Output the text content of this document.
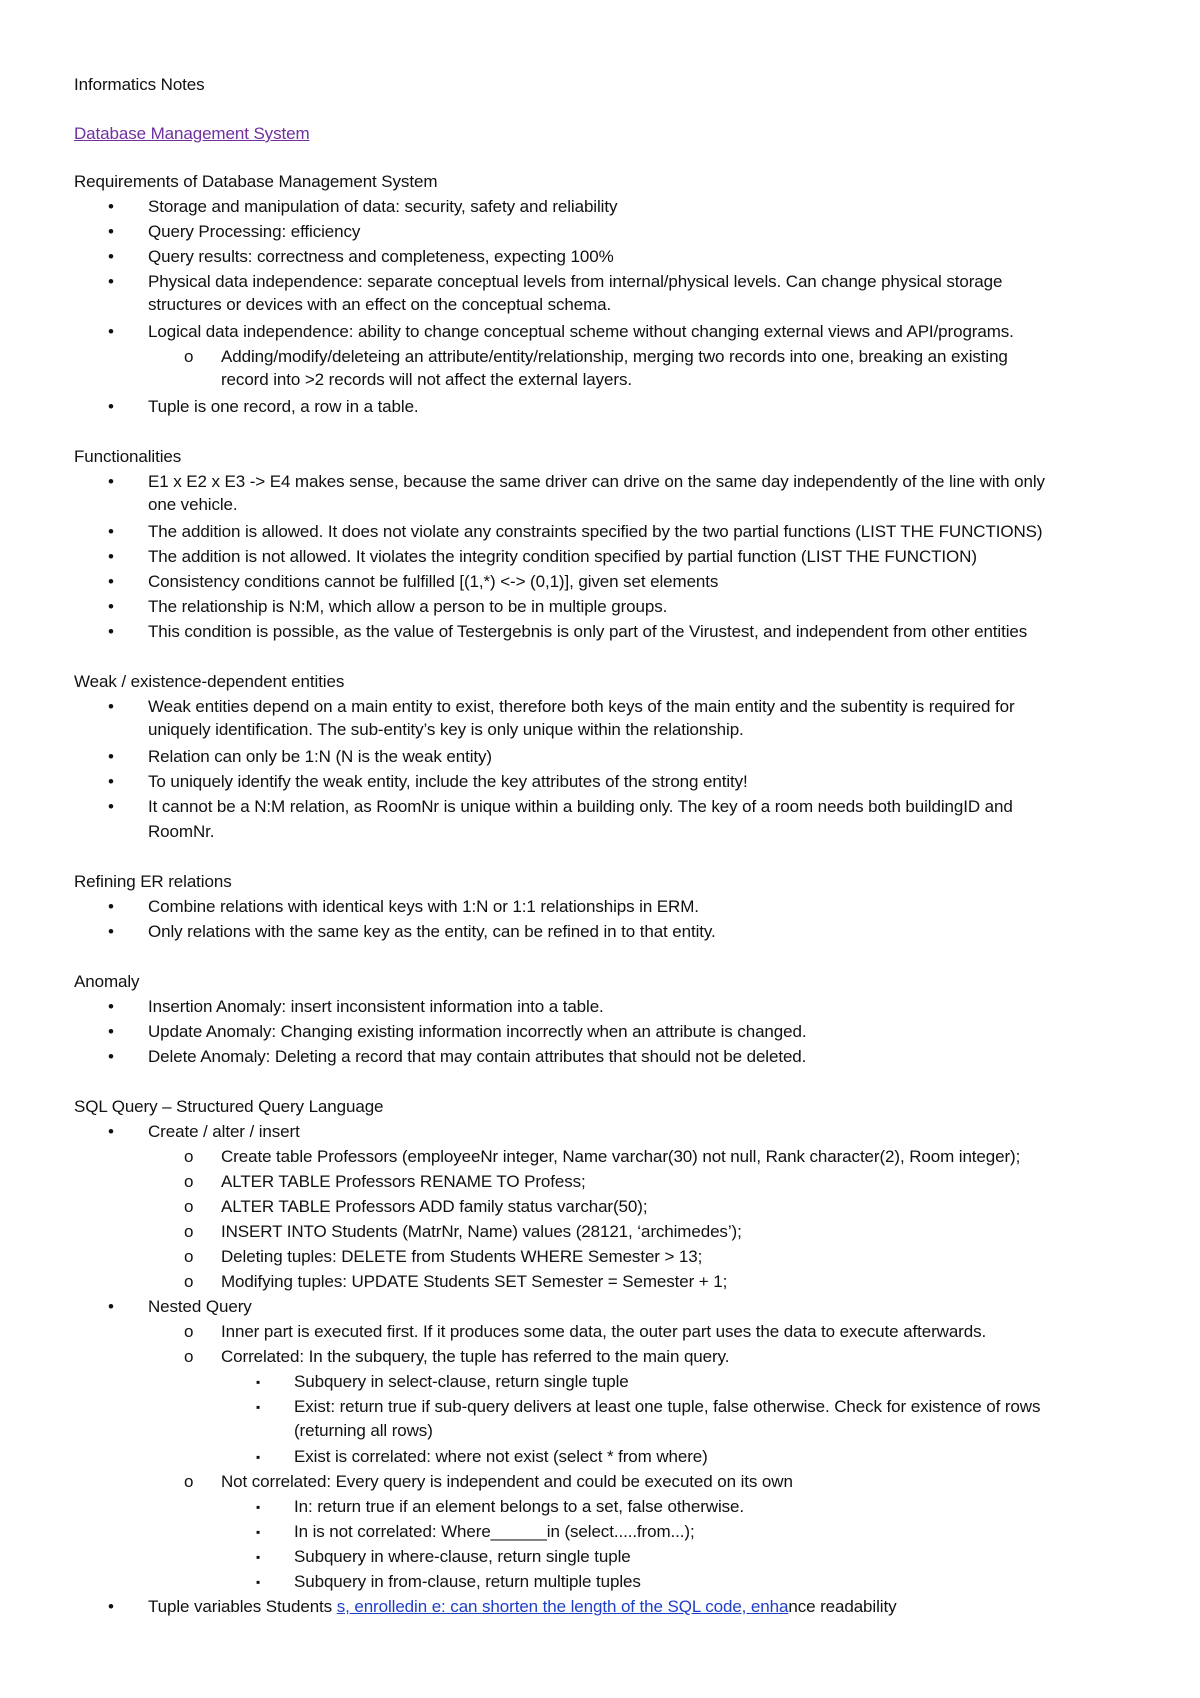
Informatics Notes
Database Management System
Requirements of Database Management System
• Storage and manipulation of data: security, safety and reliability
• Query Processing: efficiency
• Query results: correctness and completeness, expecting 100%
• Physical data independence: separate conceptual levels from internal/physical levels. Can change physical storage
structures or devices with an effect on the conceptual schema.
• Logical data independence: ability to change conceptual scheme without changing external views and API/programs.
o Adding/modify/deleteing an attribute/entity/relationship, merging two records into one, breaking an existing
record into >2 records will not affect the external layers.
• Tuple is one record, a row in a table.
Functionalities
• E1 x E2 x E3 -> E4 makes sense, because the same driver can drive on the same day independently of the line with only
one vehicle.
• The addition is allowed. It does not violate any constraints specified by the two partial functions (LIST THE FUNCTIONS)
• The addition is not allowed. It violates the integrity condition specified by partial function (LIST THE FUNCTION)
• Consistency conditions cannot be fulfilled [(1,*) <-> (0,1)], given set elements
• The relationship is N:M, which allow a person to be in multiple groups.
• This condition is possible, as the value of Testergebnis is only part of the Virustest, and independent from other entities
Weak / existence-dependent entities
• Weak entities depend on a main entity to exist, therefore both keys of the main entity and the subentity is required for
uniquely identification. The sub-entity’s key is only unique within the relationship.
• Relation can only be 1:N (N is the weak entity)
• To uniquely identify the weak entity, include the key attributes of the strong entity!
• It cannot be a N:M relation, as RoomNr is unique within a building only. The key of a room needs both buildingID and
RoomNr.
Refining ER relations
• Combine relations with identical keys with 1:N or 1:1 relationships in ERM.
• Only relations with the same key as the entity, can be refined in to that entity.
Anomaly
• Insertion Anomaly: insert inconsistent information into a table.
• Update Anomaly: Changing existing information incorrectly when an attribute is changed.
• Delete Anomaly: Deleting a record that may contain attributes that should not be deleted.
SQL Query – Structured Query Language
• Create / alter / insert
o Create table Professors (employeeNr integer, Name varchar(30) not null, Rank character(2), Room integer);
o ALTER TABLE Professors RENAME TO Profess;
o ALTER TABLE Professors ADD family status varchar(50);
o INSERT INTO Students (MatrNr, Name) values (28121, ‘archimedes’);
o Deleting tuples: DELETE from Students WHERE Semester > 13;
o Modifying tuples: UPDATE Students SET Semester = Semester + 1;
• Nested Query
o Inner part is executed first. If it produces some data, the outer part uses the data to execute afterwards.
o Correlated: In the subquery, the tuple has referred to the main query.
▪ Subquery in select-clause, return single tuple
▪ Exist: return true if sub-query delivers at least one tuple, false otherwise. Check for existence of rows
(returning all rows)
▪ Exist is correlated: where not exist (select * from where)
o Not correlated: Every query is independent and could be executed on its own
▪ In: return true if an element belongs to a set, false otherwise.
▪ In is not correlated: Where______in (select.....from...);
▪ Subquery in where-clause, return single tuple
▪ Subquery in from-clause, return multiple tuples
• Tuple variables Students s, enrolledin e: can shorten the length of the SQL code, enhance readability
